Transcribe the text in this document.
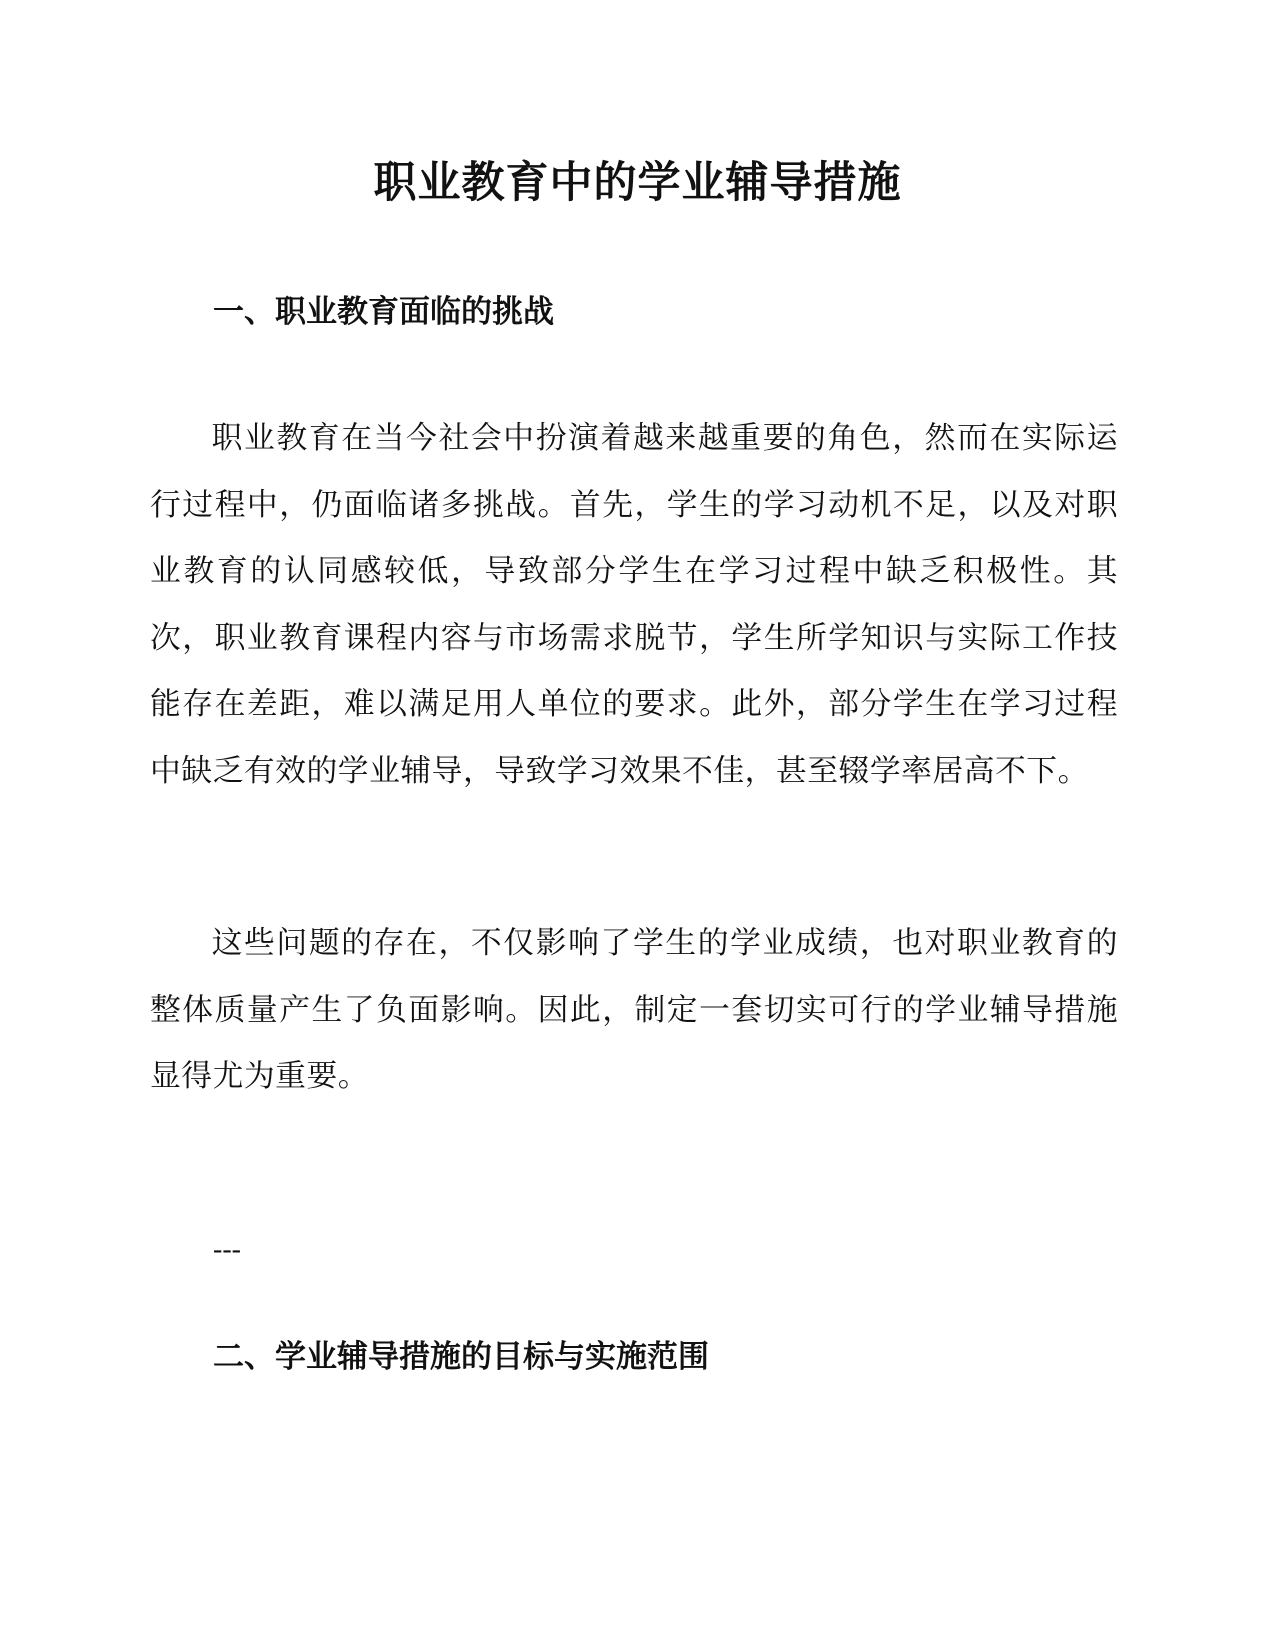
职业教育中的学业辅导措施
一、职业教育面临的挑战

职业教育在当今社会中扮演着越来越重要的角色，然而在实际运行过程中，仍面临诸多挑战。首先，学生的学习动机不足，以及对职业教育的认同感较低，导致部分学生在学习过程中缺乏积极性。其次，职业教育课程内容与市场需求脱节，学生所学知识与实际工作技能存在差距，难以满足用人单位的要求。此外，部分学生在学习过程中缺乏有效的学业辅导，导致学习效果不佳，甚至辍学率居高不下。

这些问题的存在，不仅影响了学生的学业成绩，也对职业教育的整体质量产生了负面影响。因此，制定一套切实可行的学业辅导措施显得尤为重要。

---
二、学业辅导措施的目标与实施范围
